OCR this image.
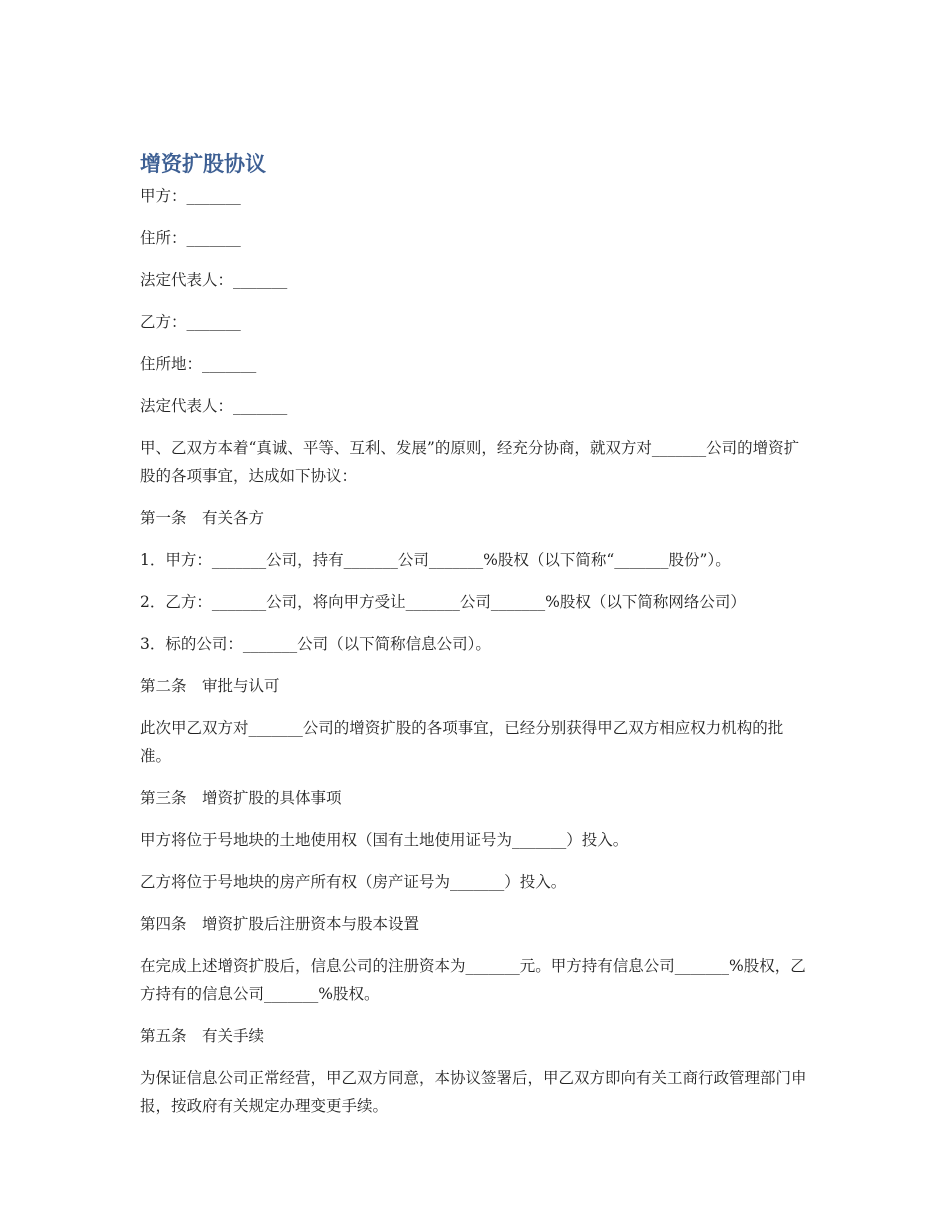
增资扩股协议

甲方：_______

住所：_______

法定代表人：_______

乙方：_______

住所地：_______

法定代表人：_______

甲、乙双方本着“真诚、平等、互利、发展”的原则，经充分协商，就双方对_______公司的增资扩股的各项事宜，达成如下协议：

第一条　有关各方

1．甲方：_______公司，持有_______公司_______%股权（以下简称“_______股份”）。

2．乙方：_______公司，将向甲方受让_______公司_______%股权（以下简称网络公司）

3．标的公司：_______公司（以下简称信息公司）。

第二条　审批与认可

此次甲乙双方对_______公司的增资扩股的各项事宜，已经分别获得甲乙双方相应权力机构的批准。

第三条　增资扩股的具体事项

甲方将位于号地块的土地使用权（国有土地使用证号为_______）投入。

乙方将位于号地块的房产所有权（房产证号为_______）投入。

第四条　增资扩股后注册资本与股本设置

在完成上述增资扩股后，信息公司的注册资本为_______元。甲方持有信息公司_______%股权，乙方持有的信息公司_______%股权。

第五条　有关手续

为保证信息公司正常经营，甲乙双方同意，本协议签署后，甲乙双方即向有关工商行政管理部门申报，按政府有关规定办理变更手续。
